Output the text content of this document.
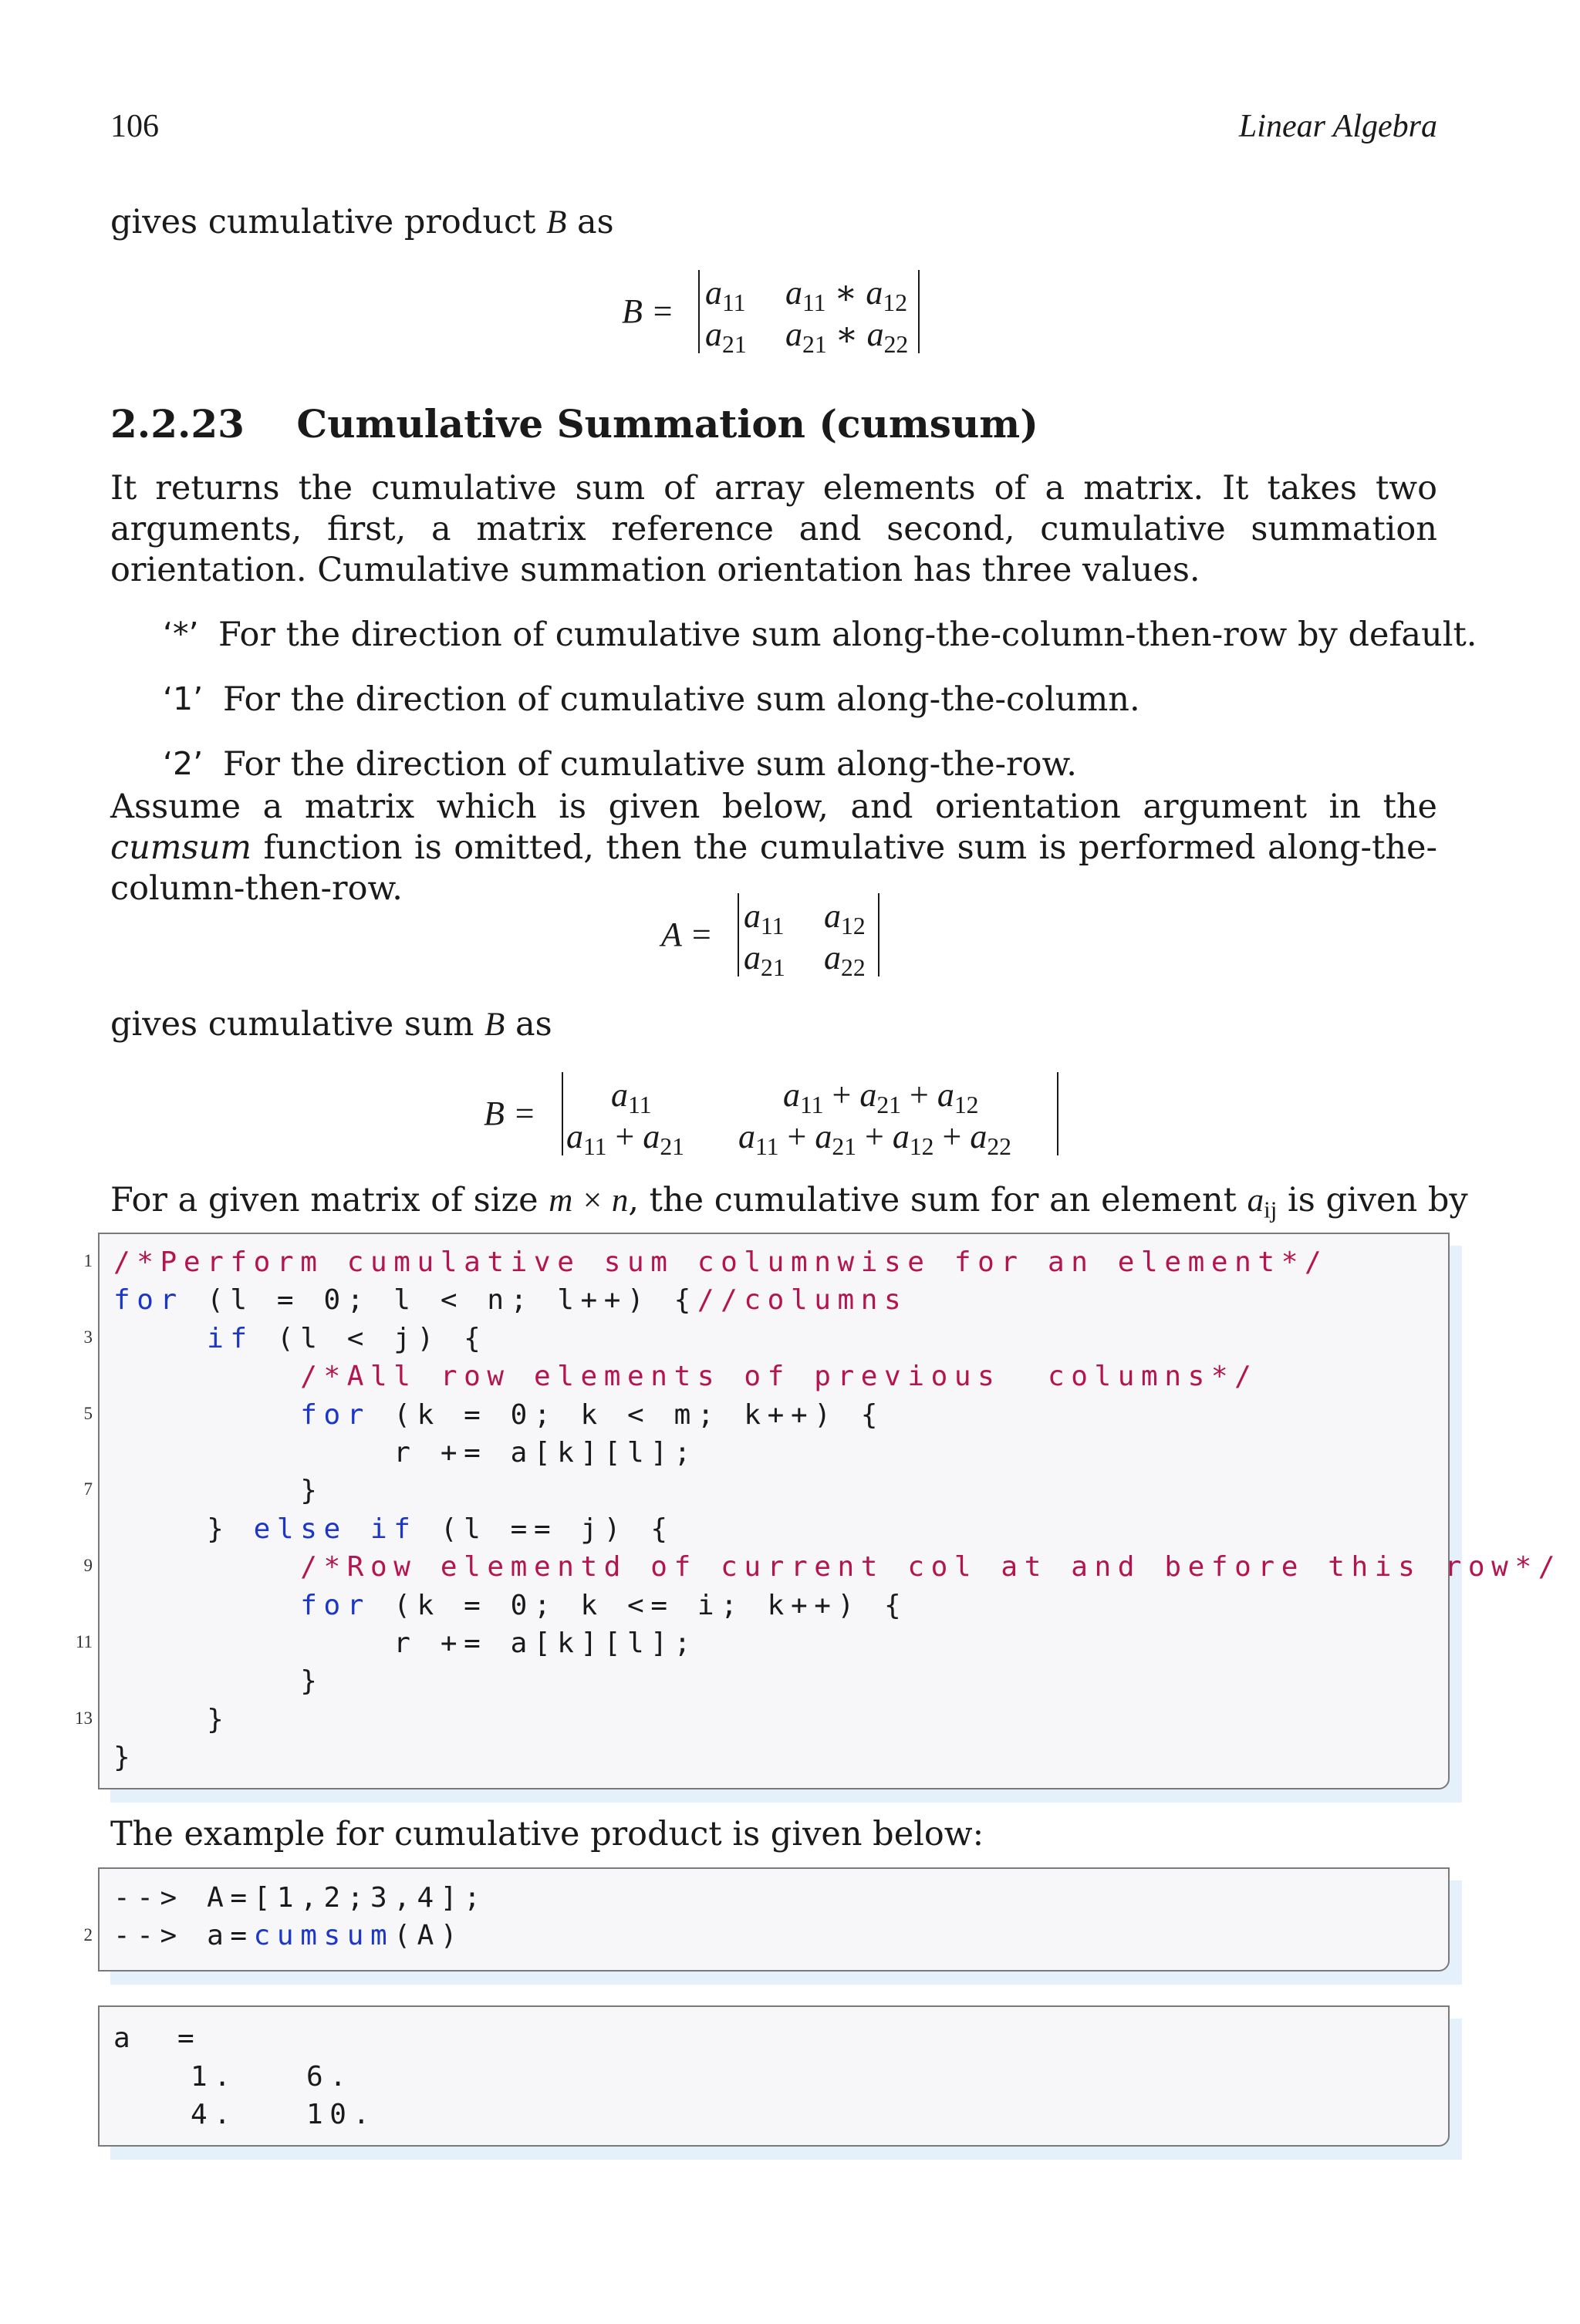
106	Linear Algebra
gives cumulative product B as
$B = a_{11}$ $a_{11}$ ∗ $a_{12}$
$a_{21}$ $a_{21}$ ∗ $a_{22}$
2.2.23 Cumulative Summation (cumsum)
It returns the cumulative sum of array elements of a matrix. It takes two arguments, first, a matrix reference and second, cumulative summation orientation. Cumulative summation orientation has three values.
‘*’ For the direction of cumulative sum along-the-column-then-row by default.
‘1’ For the direction of cumulative sum along-the-column.
‘2’ For the direction of cumulative sum along-the-row.
Assume a matrix which is given below, and orientation argument in the cumsum function is omitted, then the cumulative sum is performed along-the-column-then-row.
$A = a_{11}$ $a_{12}$
$a_{21}$ $a_{22}$
gives cumulative sum B as
$B = a_{11}$	$a_{11} + a_{21} + a_{12}$
$a_{11} + a_{21}$ $a_{11} + a_{21} + a_{12} + a_{22}$
For a given matrix of size m × n, the cumulative sum for an element $a_{ij}$ is given by
/*Perform cumulative sum columnwise for an element*/
for (l = 0; l < n; l++) {//columns
if (l < j) {
/*All row elements of previous  columns*/
for (k = 0; k < m; k++) {
r += a[k][l];
}
} else if (l == j) {
/*Row elementd of current col at and before this row*/
for (k = 0; k <= i; k++) {
r += a[k][l];
}
}
}
1
3
5
7
9
11
13
The example for cumulative product is given below:
--> A=[1,2;3,4];
--> a=cumsum(A)
2
a  =
1. 6.
4. 10.
